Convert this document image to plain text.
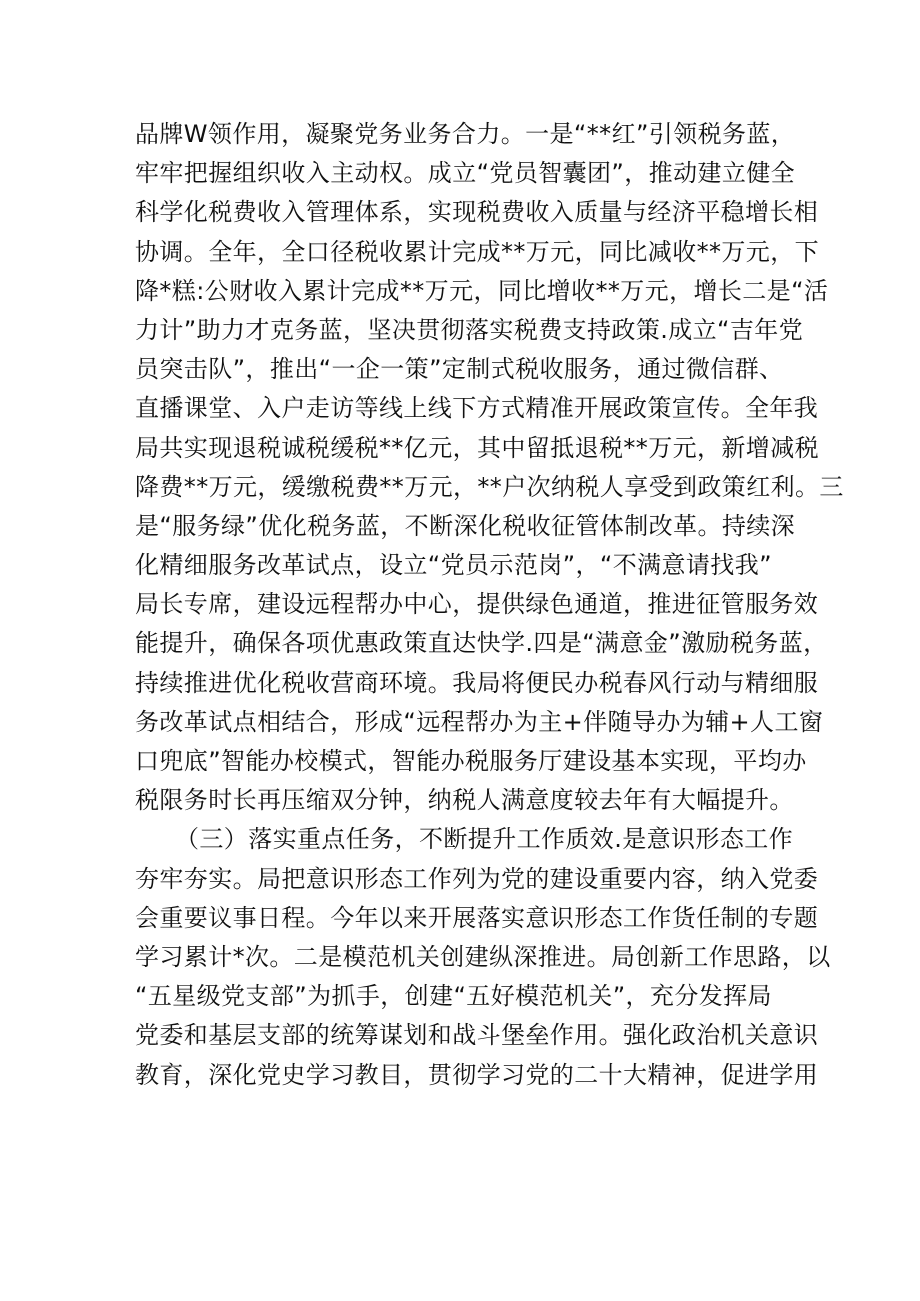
品牌W领作用，凝聚党务业务合力。一是“**红”引领税务蓝，
牢牢把握组织收入主动权。成立“党员智囊团”，推动建立健全
科学化税费收入管理体系，实现税费收入质量与经济平稳增长相
协调。全年，全口径税收累计完成**万元，同比减收**万元，下
降*糕:公财收入累计完成**万元，同比增收**万元，增长二是“活
力计”助力才克务蓝，坚决贯彻落实税费支持政策.成立“吉年党
员突击队”，推出“一企一策”定制式税收服务，通过微信群、
直播课堂、入户走访等线上线下方式精准开展政策宣传。全年我
局共实现退税诚税缓税**亿元，其中留抵退税**万元，新增减税
降费**万元，缓缴税费**万元，**户次纳税人享受到政策红利。三
是“服务绿”优化税务蓝，不断深化税收征管体制改革。持续深
化精细服务改革试点，设立“党员示范岗”，“不满意请找我”
局长专席，建设远程帮办中心，提供绿色通道，推进征管服务效
能提升，确保各项优惠政策直达快学.四是“满意金”激励税务蓝，
持续推进优化税收营商环境。我局将便民办税春风行动与精细服
务改革试点相结合，形成“远程帮办为主+伴随导办为辅+人工窗
口兜底”智能办校模式，智能办税服务厅建设基本实现，平均办
税限务时长再压缩双分钟，纳税人满意度较去年有大幅提升。
（三）落实重点任务，不断提升工作质效.是意识形态工作
夯牢夯实。局把意识形态工作列为党的建设重要内容，纳入党委
会重要议事日程。今年以来开展落实意识形态工作货任制的专题
学习累计*次。二是模范机关创建纵深推进。局创新工作思路，以
“五星级党支部”为抓手，创建“五好模范机关”，充分发挥局
党委和基层支部的统筹谋划和战斗堡垒作用。强化政治机关意识
教育，深化党史学习教目，贯彻学习党的二十大精神，促进学用
